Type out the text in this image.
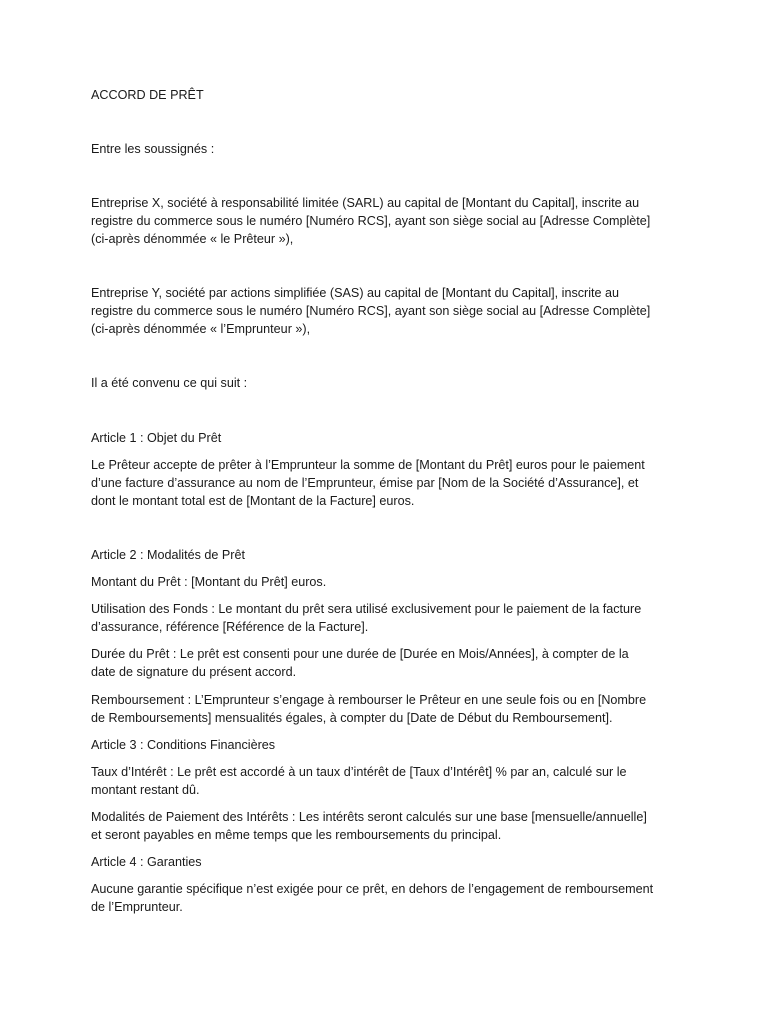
ACCORD DE PRÊT

Entre les soussignés :

Entreprise X, société à responsabilité limitée (SARL) au capital de [Montant du Capital], inscrite au
registre du commerce sous le numéro [Numéro RCS], ayant son siège social au [Adresse Complète]
(ci-après dénommée « le Prêteur »),
Entreprise Y, société par actions simplifiée (SAS) au capital de [Montant du Capital], inscrite au
registre du commerce sous le numéro [Numéro RCS], ayant son siège social au [Adresse Complète]
(ci-après dénommée « l’Emprunteur »),

Il a été convenu ce qui suit :

Article 1 : Objet du Prêt

Le Prêteur accepte de prêter à l’Emprunteur la somme de [Montant du Prêt] euros pour le paiement
d’une facture d’assurance au nom de l’Emprunteur, émise par [Nom de la Société d’Assurance], et
dont le montant total est de [Montant de la Facture] euros.

Article 2 : Modalités de Prêt

Montant du Prêt : [Montant du Prêt] euros.

Utilisation des Fonds : Le montant du prêt sera utilisé exclusivement pour le paiement de la facture
d’assurance, référence [Référence de la Facture].
Durée du Prêt : Le prêt est consenti pour une durée de [Durée en Mois/Années], à compter de la
date de signature du présent accord.
Remboursement : L’Emprunteur s’engage à rembourser le Prêteur en une seule fois ou en [Nombre
de Remboursements] mensualités égales, à compter du [Date de Début du Remboursement].

Article 3 : Conditions Financières

Taux d’Intérêt : Le prêt est accordé à un taux d’intérêt de [Taux d’Intérêt] % par an, calculé sur le
montant restant dû.
Modalités de Paiement des Intérêts : Les intérêts seront calculés sur une base [mensuelle/annuelle]
et seront payables en même temps que les remboursements du principal.

Article 4 : Garanties

Aucune garantie spécifique n’est exigée pour ce prêt, en dehors de l’engagement de remboursement
de l’Emprunteur.
